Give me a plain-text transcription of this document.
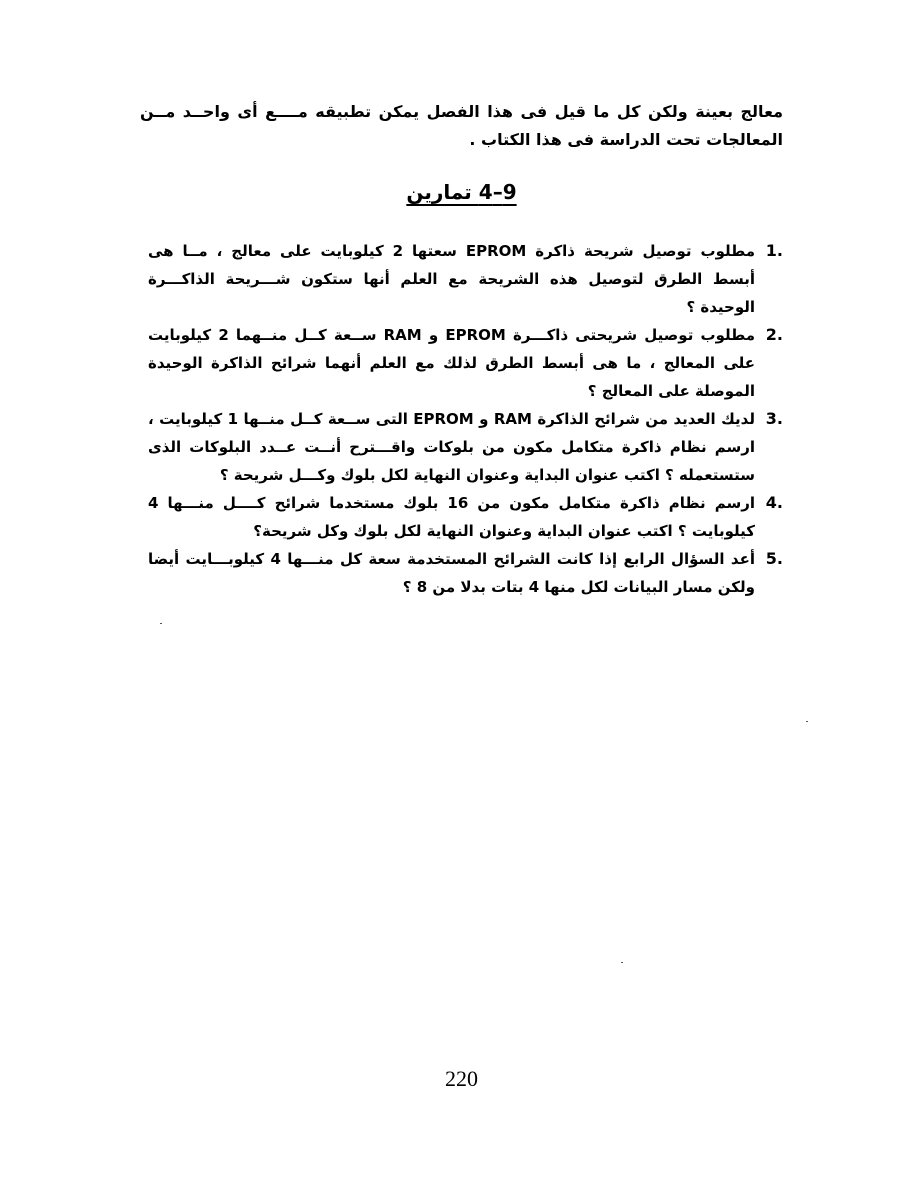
معالج بعينة ولكن كل ما قيل فى هذا الفصل يمكن تطبيقه مــــع أى واحــد مــن المعالجات تحت الدراسة فى هذا الكتاب .

9–4 تمارين
1.
مطلوب توصيل شريحة ذاكرة EPROM سعتها 2 كيلوبايت على معالج ، مــا هى أبسط الطرق لتوصيل هذه الشريحة مع العلم أنها ستكون شـــريحة الذاكـــرة الوحيدة ؟
2.
مطلوب توصيل شريحتى ذاكـــرة EPROM و RAM ســعة كــل منــهما 2 كيلوبايت على المعالج ، ما هى أبسط الطرق لذلك مع العلم أنهما شرائح الذاكرة الوحيدة الموصلة على المعالج ؟
3.
لديك العديد من شرائح الذاكرة RAM و EPROM التى ســعة كــل منــها 1 كيلوبايت ، ارسم نظام ذاكرة متكامل مكون من بلوكات واقـــترح أنــت عــدد البلوكات الذى ستستعمله ؟ اكتب عنوان البداية وعنوان النهاية لكل بلوك وكـــل شريحة ؟
4.
ارسم نظام ذاكرة متكامل مكون من 16 بلوك مستخدما شرائح كــــل منـــها 4 كيلوبايت ؟ اكتب عنوان البداية وعنوان النهاية لكل بلوك وكل شريحة؟
5.
أعد السؤال الرابع إذا كانت الشرائح المستخدمة سعة كل منـــها 4 كيلوبـــايت أيضا ولكن مسار البيانات لكل منها 4 بتات بدلا من 8 ؟

220
